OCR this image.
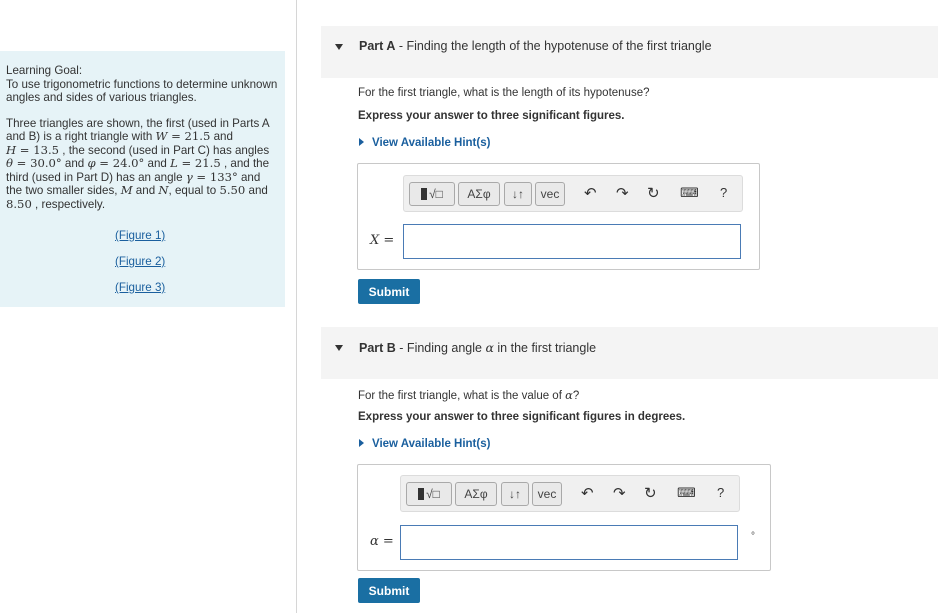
Learning Goal:
To use trigonometric functions to determine unknown angles and sides of various triangles.
Three triangles are shown, the first (used in Parts A and B) is a right triangle with W = 21.5 and
H = 13.5 , the second (used in Part C) has angles θ = 30.0° and φ = 24.0° and L = 21.5 , and the third (used in Part D) has an angle γ = 133° and the two smaller sides, M and N, equal to 5.50 and 8.50 , respectively.
(Figure 1)
(Figure 2)
(Figure 3)
Part A - Finding the length of the hypotenuse of the first triangle
For the first triangle, what is the length of its hypotenuse?
Express your answer to three significant figures.
View Available Hint(s)
√□ ΑΣφ ↓↑ vec ↶ ↷ ↻ ⌨ ?
X =
Submit
Part B - Finding angle α in the first triangle
For the first triangle, what is the value of α?
Express your answer to three significant figures in degrees.
View Available Hint(s)
√□ ΑΣφ ↓↑ vec ↶ ↷ ↻ ⌨ ?
α =	°
Submit
